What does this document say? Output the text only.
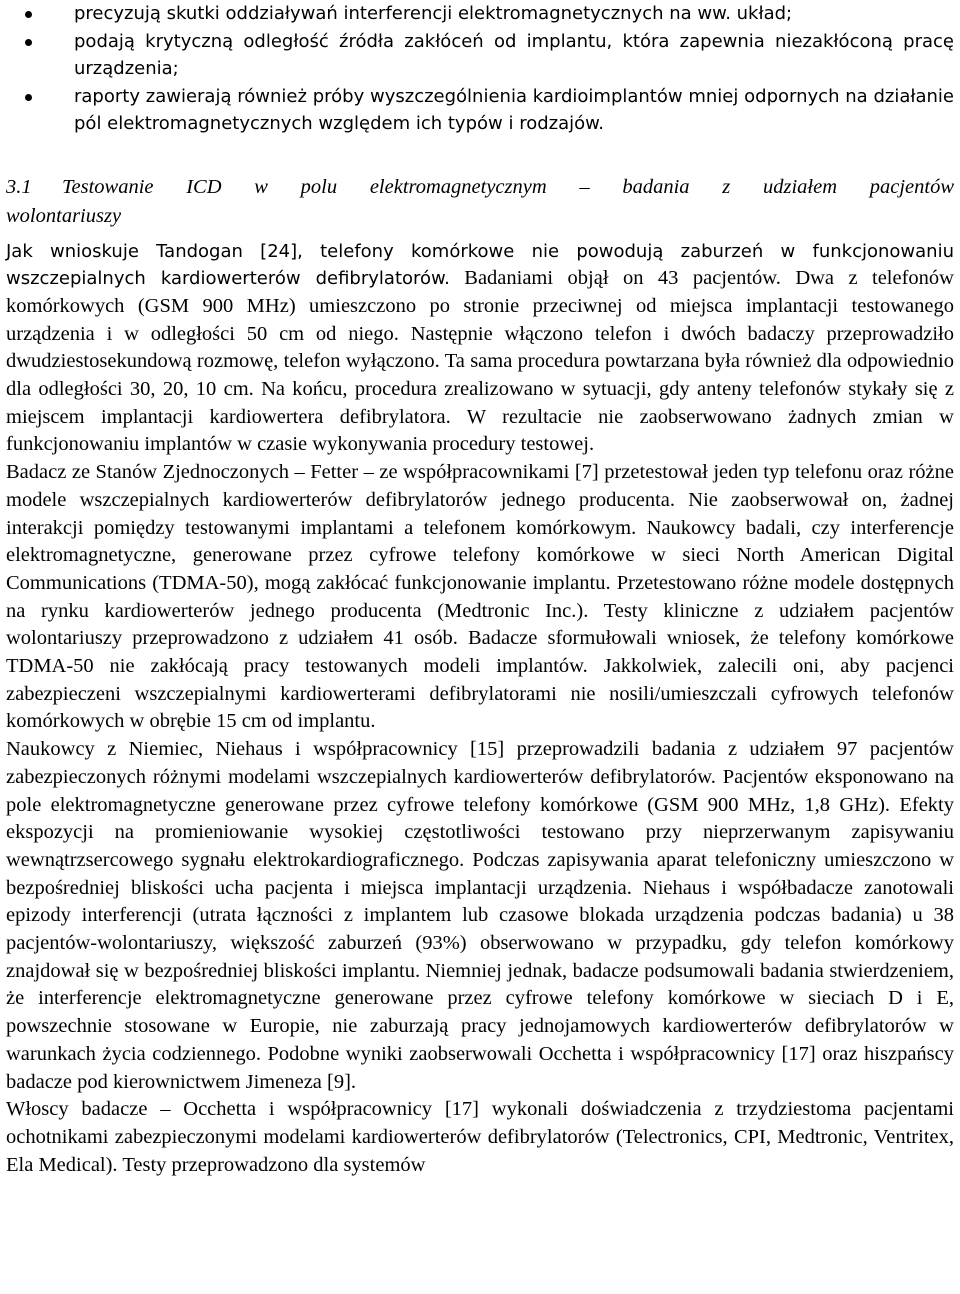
precyzują skutki oddziaływań interferencji elektromagnetycznych na ww. układ;
podają krytyczną odległość źródła zakłóceń od implantu, która zapewnia niezakłóconą pracę urządzenia;
raporty zawierają również próby wyszczególnienia kardioimplantów mniej odpornych na działanie pól elektromagnetycznych względem ich typów i rodzajów.
3.1	Testowanie ICD w polu elektromagnetycznym – badania z udziałem pacjentów
wolontariuszy

Jak wnioskuje Tandogan [24], telefony komórkowe nie powodują zaburzeń w funkcjonowaniu wszczepialnych kardiowerterów defibrylatorów. Badaniami objął on 43 pacjentów. Dwa z telefonów komórkowych (GSM 900 MHz) umieszczono po stronie przeciwnej od miejsca implantacji testowanego urządzenia i w odległości 50 cm od niego. Następnie włączono telefon i dwóch badaczy przeprowadziło dwudziestosekundową rozmowę, telefon wyłączono. Ta sama procedura powtarzana była również dla odpowiednio dla odległości 30, 20, 10 cm. Na końcu, procedura zrealizowano w sytuacji, gdy anteny telefonów stykały się z miejscem implantacji kardiowertera defibrylatora. W rezultacie nie zaobserwowano żadnych zmian w funkcjonowaniu implantów w czasie wykonywania procedury testowej.

Badacz ze Stanów Zjednoczonych – Fetter – ze współpracownikami [7] przetestował jeden typ telefonu oraz różne modele wszczepialnych kardiowerterów defibrylatorów jednego producenta. Nie zaobserwował on, żadnej interakcji pomiędzy testowanymi implantami a telefonem komórkowym. Naukowcy badali, czy interferencje elektromagnetyczne, generowane przez cyfrowe telefony komórkowe w sieci North American Digital Communications (TDMA-50), mogą zakłócać funkcjonowanie implantu. Przetestowano różne modele dostępnych na rynku kardiowerterów jednego producenta (Medtronic Inc.). Testy kliniczne z udziałem pacjentów wolontariuszy przeprowadzono z udziałem 41 osób. Badacze sformułowali wniosek, że telefony komórkowe TDMA-50 nie zakłócają pracy testowanych modeli implantów. Jakkolwiek, zalecili oni, aby pacjenci zabezpieczeni wszczepialnymi kardiowerterami defibrylatorami nie nosili/umieszczali cyfrowych telefonów komórkowych w obrębie 15 cm od implantu.

Naukowcy z Niemiec, Niehaus i współpracownicy [15] przeprowadzili badania z udziałem 97 pacjentów zabezpieczonych różnymi modelami wszczepialnych kardiowerterów defibrylatorów. Pacjentów eksponowano na pole elektromagnetyczne generowane przez cyfrowe telefony komórkowe (GSM 900 MHz, 1,8 GHz). Efekty ekspozycji na promieniowanie wysokiej częstotliwości testowano przy nieprzerwanym zapisywaniu wewnątrzsercowego sygnału elektrokardiograficznego. Podczas zapisywania aparat telefoniczny umieszczono w bezpośredniej bliskości ucha pacjenta i miejsca implantacji urządzenia. Niehaus i współbadacze zanotowali epizody interferencji (utrata łączności z implantem lub czasowe blokada urządzenia podczas badania) u 38 pacjentów-wolontariuszy, większość zaburzeń (93%) obserwowano w przypadku, gdy telefon komórkowy znajdował się w bezpośredniej bliskości implantu. Niemniej jednak, badacze podsumowali badania stwierdzeniem, że interferencje elektromagnetyczne generowane przez cyfrowe telefony komórkowe w sieciach D i E, powszechnie stosowane w Europie, nie zaburzają pracy jednojamowych kardiowerterów defibrylatorów w warunkach życia codziennego. Podobne wyniki zaobserwowali Occhetta i współpracownicy [17] oraz hiszpańscy badacze pod kierownictwem Jimeneza [9].

Włoscy badacze – Occhetta i współpracownicy [17] wykonali doświadczenia z trzydziestoma pacjentami ochotnikami zabezpieczonymi modelami kardiowerterów defibrylatorów (Telectronics, CPI, Medtronic, Ventritex, Ela Medical). Testy przeprowadzono dla systemów
